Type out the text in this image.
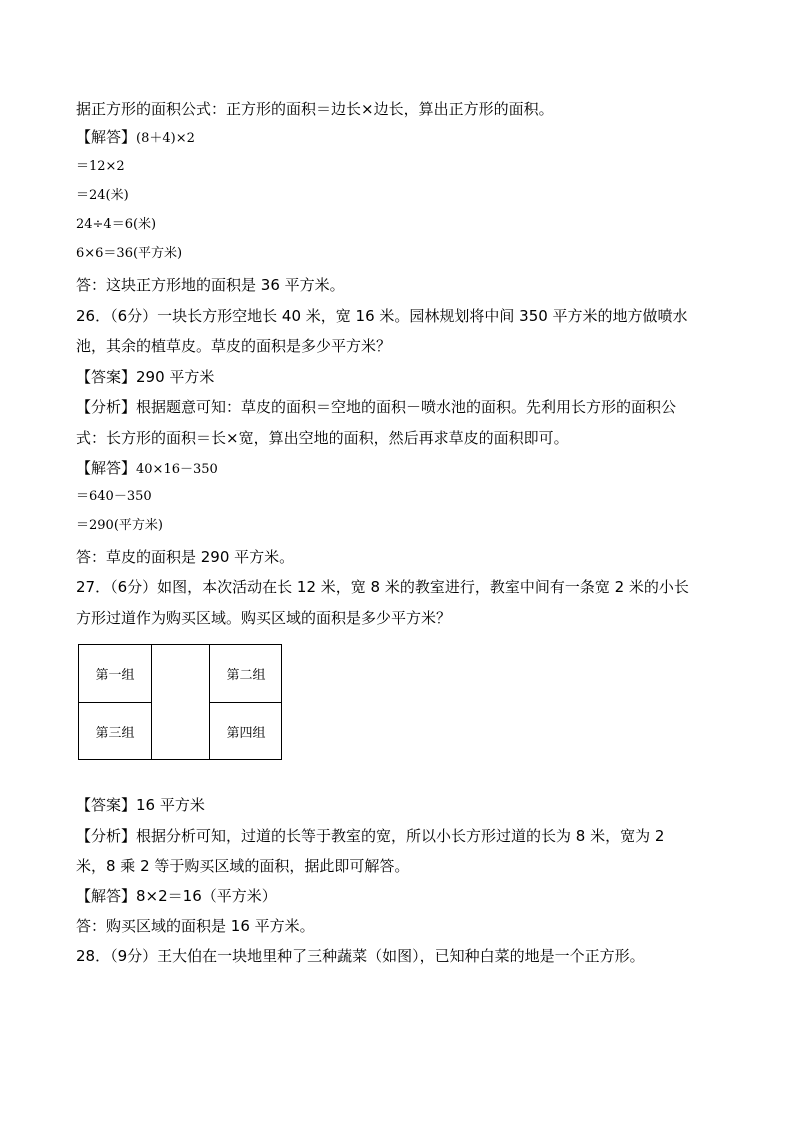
据正方形的面积公式：正方形的面积＝边长×边长，算出正方形的面积。
【解答】(8＋4)×2
＝12×2
＝24(米)
24÷4＝6(米)
6×6＝36(平方米)
答：这块正方形地的面积是 36 平方米。
26．（6分）一块长方形空地长 40 米，宽 16 米。园林规划将中间 350 平方米的地方做喷水
池，其余的植草皮。草皮的面积是多少平方米？
【答案】290 平方米
【分析】根据题意可知：草皮的面积＝空地的面积－喷水池的面积。先利用长方形的面积公
式：长方形的面积＝长×宽，算出空地的面积，然后再求草皮的面积即可。
【解答】40×16－350
＝640－350
＝290(平方米)
答：草皮的面积是 290 平方米。
27．（6分）如图，本次活动在长 12 米，宽 8 米的教室进行，教室中间有一条宽 2 米的小长
方形过道作为购买区域。购买区域的面积是多少平方米？
第一组	第二组
第三组	第四组
【答案】16 平方米
【分析】根据分析可知，过道的长等于教室的宽，所以小长方形过道的长为 8 米，宽为 2
米，8 乘 2 等于购买区域的面积，据此即可解答。
【解答】8×2＝16（平方米）
答：购买区域的面积是 16 平方米。
28．（9分）王大伯在一块地里种了三种蔬菜（如图），已知种白菜的地是一个正方形。
